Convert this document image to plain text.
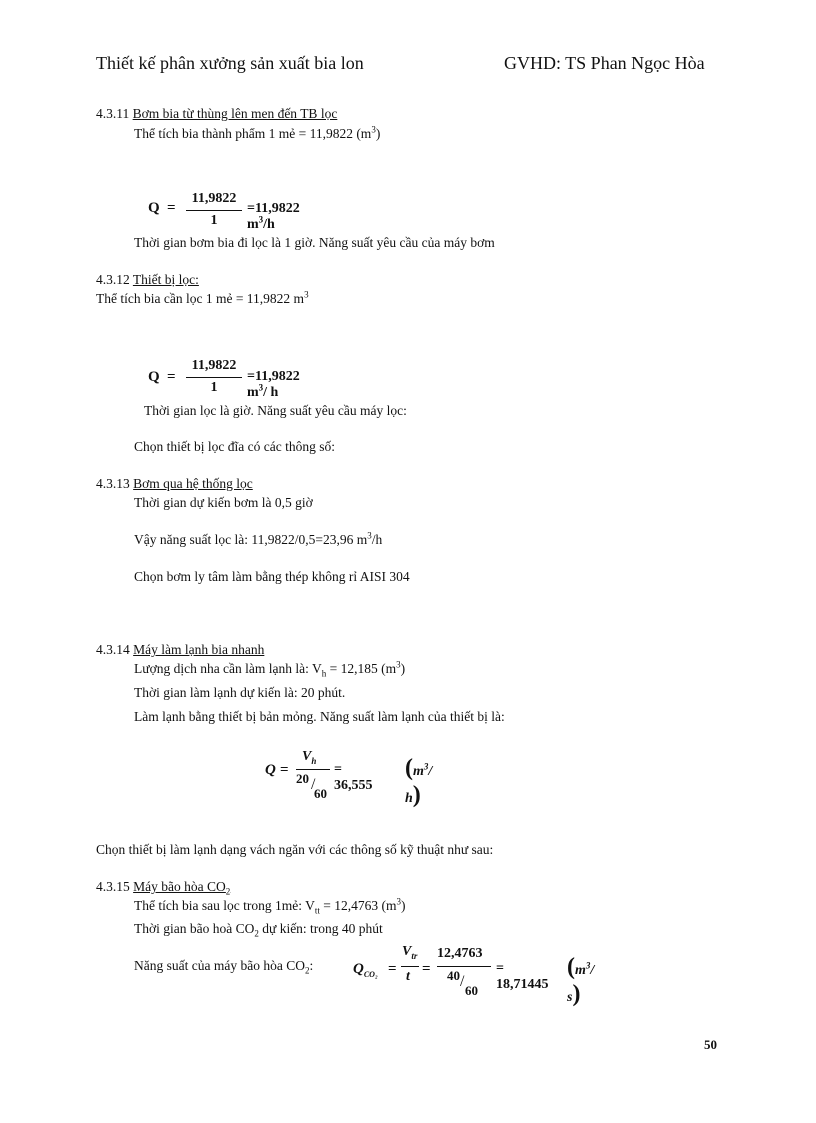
Thiết kế phân xưởng sản xuất bia lon	GVHD: TS Phan Ngọc Hòa
4.3.11 Bơm bia từ thùng lên men đến TB lọc
Thể tích bia thành phẩm 1 mẻ = 11,9822 $(m^3)$
Q =
11,9822
1
=11,9822 $m^3/h$
Thời gian bơm bia đi lọc là 1 giờ. Năng suất yêu cầu của máy bơm
4.3.12 Thiết bị lọc:
Thể tích bia cần lọc 1 mẻ = 11,9822 $m^3$
Q =
11,9822
1
=11,9822 $m^3/$ h
Thời gian lọc là giờ. Năng suất yêu cầu máy lọc:
Chọn thiết bị lọc đĩa có các thông số:
4.3.13 Bơm qua hệ thống lọc
Thời gian dự kiến bơm là 0,5 giờ
Vậy năng suất lọc là: 11,9822/0,5=23,96 $m^3/h$
Chọn bơm ly tâm làm bằng thép không rỉ AISI 304
4.3.14 Máy làm lạnh bia nhanh
Lượng dịch nha cần làm lạnh là: $V_h = 12,185$ $(m^3)$
Thời gian làm lạnh dự kiến là: 20 phút.
Làm lạnh bằng thiết bị bản mỏng. Năng suất làm lạnh của thiết bị là:
Q =
$V_h$
20 /
60
= 36,555
($m^3/$ h)
Chọn thiết bị làm lạnh dạng vách ngăn với các thông số kỹ thuật như sau:
4.3.15 Máy bão hòa $CO_2$
Thể tích bia sau lọc trong 1mẻ: $V_{tt} = 12,4763$ $(m^3)$
Thời gian bão hoà $CO_2$ dự kiến: trong 40 phút
Năng suất của máy bão hòa $CO_2$:	$Q_{CO_2}$ =
$V_{tr}$
t =
12,4763
40 /
60
= 18,71445
($m^3/$ s)
50
